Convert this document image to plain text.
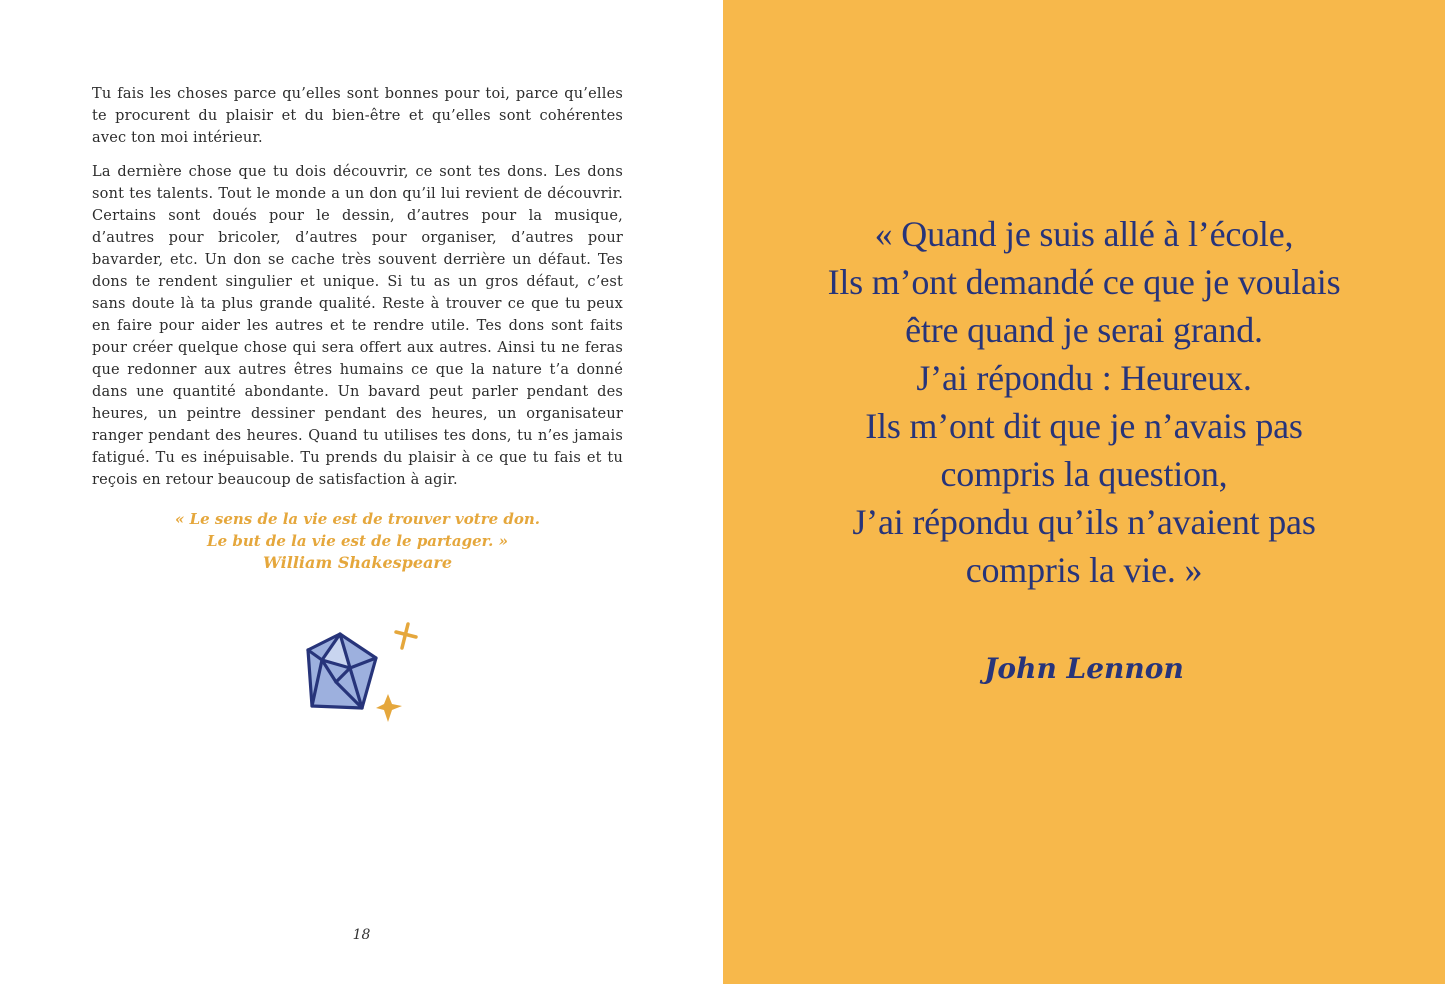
Tu fais les choses parce qu’elles sont bonnes pour toi, parce qu’elles te procurent du plaisir et du bien-être et qu’elles sont cohérentes avec ton moi intérieur.

La dernière chose que tu dois découvrir, ce sont tes dons. Les dons sont tes talents. Tout le monde a un don qu’il lui revient de découvrir. Certains sont doués pour le dessin, d’autres pour la musique, d’autres pour bricoler, d’autres pour organiser, d’autres pour bavarder, etc. Un don se cache très souvent derrière un défaut. Tes dons te rendent singulier et unique. Si tu as un gros défaut, c’est sans doute là ta plus grande qualité. Reste à trouver ce que tu peux en faire pour aider les autres et te rendre utile. Tes dons sont faits pour créer quelque chose qui sera offert aux autres. Ainsi tu ne feras que redonner aux autres êtres humains ce que la nature t’a donné dans une quantité abondante. Un bavard peut parler pendant des heures, un peintre dessiner pendant des heures, un organisateur ranger pendant des heures. Quand tu utilises tes dons, tu n’es jamais fatigué. Tu es inépuisable. Tu prends du plaisir à ce que tu fais et tu reçois en retour beaucoup de satisfaction à agir.

« Le sens de la vie est de trouver votre don.
Le but de la vie est de le partager. »
William Shakespeare
18
« Quand je suis allé à l’école,
Ils m’ont demandé ce que je voulais
être quand je serai grand.
J’ai répondu : Heureux.
Ils m’ont dit que je n’avais pas
compris la question,
J’ai répondu qu’ils n’avaient pas
compris la vie. »
John Lennon
